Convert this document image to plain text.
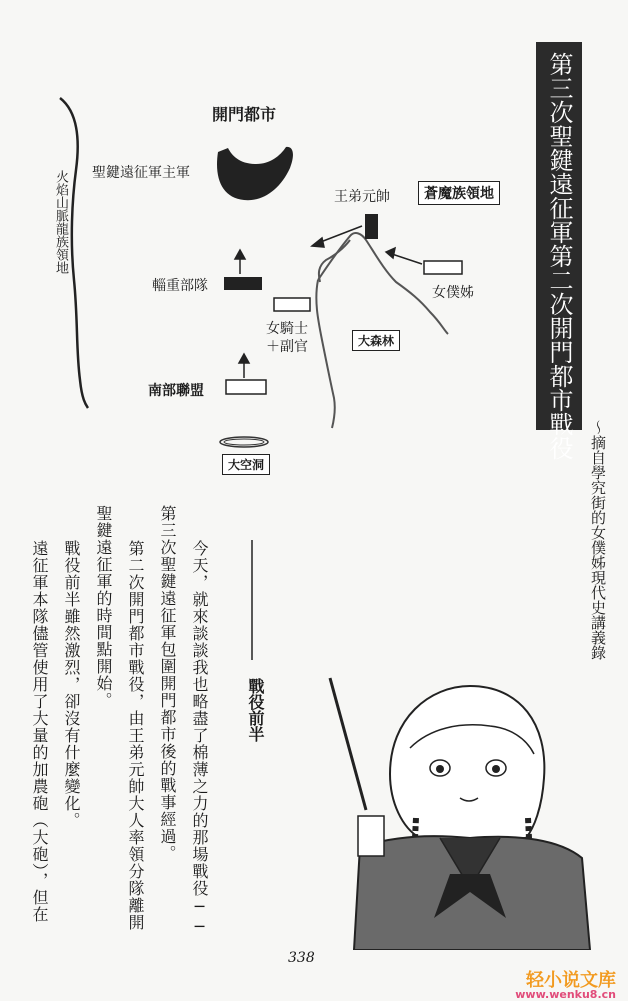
開門都市
聖鍵遠征軍主軍
火焰山脈龍族領地	王弟元帥	蒼魔族領地
女僕姊
輜重部隊
女騎士
＋副官	大森林
南部聯盟
大空洞
第三次聖鍵遠征軍第二次開門都市戰役
～摘自學究街的女僕姊現代史講義錄
戰役前半
今天，就來談談我也略盡了棉薄之力的那場戰役──
第三次聖鍵遠征軍包圍開門都市後的戰事經過。
第二次開門都市戰役，由王弟元帥大人率領分隊離開
聖鍵遠征軍的時間點開始。
戰役前半雖然激烈，卻沒有什麼變化。
遠征軍本隊儘管使用了大量的加農砲（大砲），但在
338
轻小说文库
www.wenku8.cn
